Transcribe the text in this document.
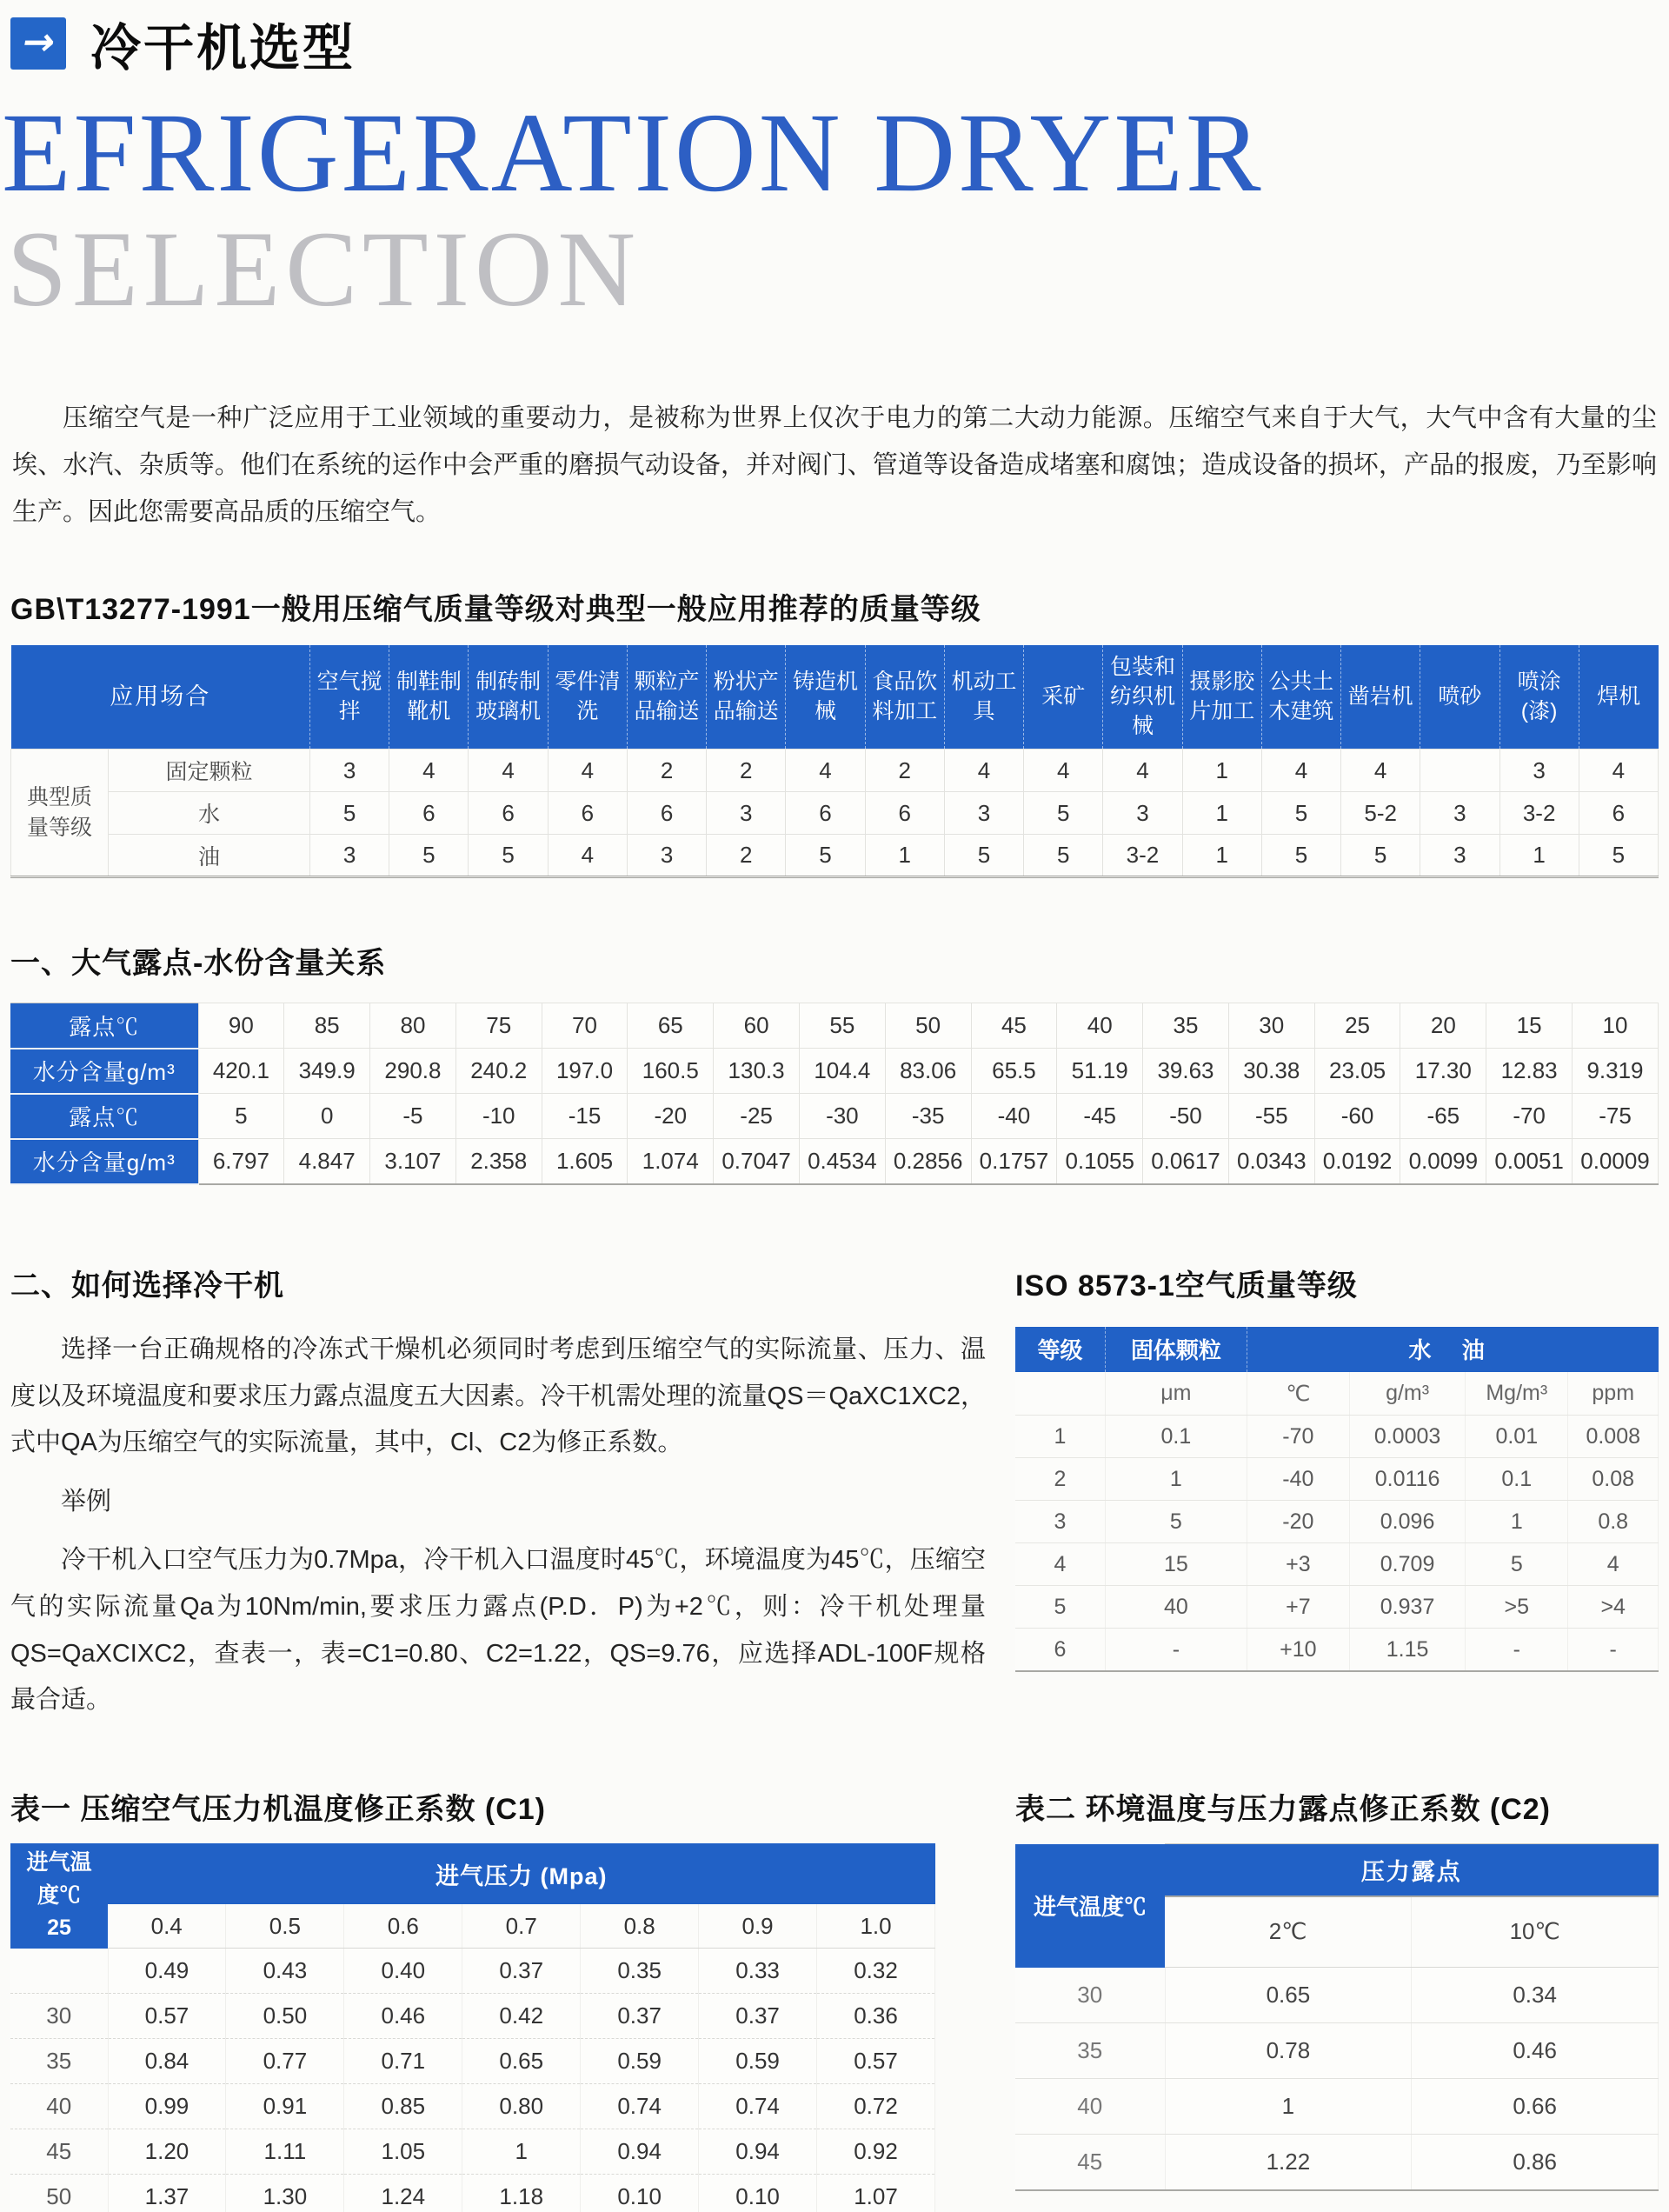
→ 冷干机选型
EFRIGERATION DRYER
SELECTION

压缩空气是一种广泛应用于工业领域的重要动力，是被称为世界上仅次于电力的第二大动力能源。压缩空气来自于大气，大气中含有大量的尘埃、水汽、杂质等。他们在系统的运作中会严重的磨损气动设备，并对阀门、管道等设备造成堵塞和腐蚀；造成设备的损坏，产品的报废，乃至影响生产。因此您需要高品质的压缩空气。

GB\T13277-1991一般用压缩气质量等级对典型一般应用推荐的质量等级
应用场合		空气搅拌	制鞋制靴机	制砖制玻璃机	零件清洗	颗粒产品输送	粉状产品输送	铸造机械	食品饮料加工	机动工具	采矿	包装和纺织机械	摄影胶片加工	公共土木建筑	凿岩机	喷砂	喷涂(漆)	焊机
典型质量等级	固定颗粒	3	4	4	4	2	2	4	2	4	4	4	1	4	4		3	4
	水	5	6	6	6	6	3	6	6	3	5	3	1	5	5-2	3	3-2	6
	油	3	5	5	4	3	2	5	1	5	5	3-2	1	5	5	3	1	5
一、大气露点-水份含量关系
露点℃	90	85	80	75	70	65	60	55	50	45	40	35	30	25	20	15	10
水分含量g/m³	420.1	349.9	290.8	240.2	197.0	160.5	130.3	104.4	83.06	65.5	51.19	39.63	30.38	23.05	17.30	12.83	9.319
露点℃	5	0	-5	-10	-15	-20	-25	-30	-35	-40	-45	-50	-55	-60	-65	-70	-75
水分含量g/m³	6.797	4.847	3.107	2.358	1.605	1.074	0.7047	0.4534	0.2856	0.1757	0.1055	0.0617	0.0343	0.0192	0.0099	0.0051	0.0009
二、如何选择冷干机

选择一台正确规格的冷冻式干燥机必须同时考虑到压缩空气的实际流量、压力、温度以及环境温度和要求压力露点温度五大因素。冷干机需处理的流量QS＝QaXC1XC2，式中QA为压缩空气的实际流量，其中，Cl、C2为修正系数。

举例

冷干机入口空气压力为0.7Mpa，冷干机入口温度时45℃，环境温度为45℃，压缩空气的实际流量Qa为10Nm/min,要求压力露点(P.D．P)为+2℃，则：冷干机处理量QS=QaXCIXC2，查表一，表=C1=0.80、C2=1.22，QS=9.76，应选择ADL-100F规格最合适。

ISO 8573-1空气质量等级
等级	固体颗粒	水 油			
	μm	℃	g/m³	Mg/m³	ppm
1	0.1	-70	0.0003	0.01	0.008
2	1	-40	0.0116	0.1	0.08
3	5	-20	0.096	1	0.8
4	15	+3	0.709	5	4
5	40	+7	0.937	>5	>4
6	-	+10	1.15	-	-
表一 压缩空气压力机温度修正系数 (C1)
进气温度℃
25	进气压力 (Mpa)						
	0.4	0.5	0.6	0.7	0.8	0.9	1.0
	0.49	0.43	0.40	0.37	0.35	0.33	0.32
30	0.57	0.50	0.46	0.42	0.37	0.37	0.36
35	0.84	0.77	0.71	0.65	0.59	0.59	0.57
40	0.99	0.91	0.85	0.80	0.74	0.74	0.72
45	1.20	1.11	1.05	1	0.94	0.94	0.92
50	1.37	1.30	1.24	1.18	0.10	0.10	1.07
表二 环境温度与压力露点修正系数 (C2)
进气温度℃	压力露点	
	2℃	10℃
30	0.65	0.34
35	0.78	0.46
40	1	0.66
45	1.22	0.86
